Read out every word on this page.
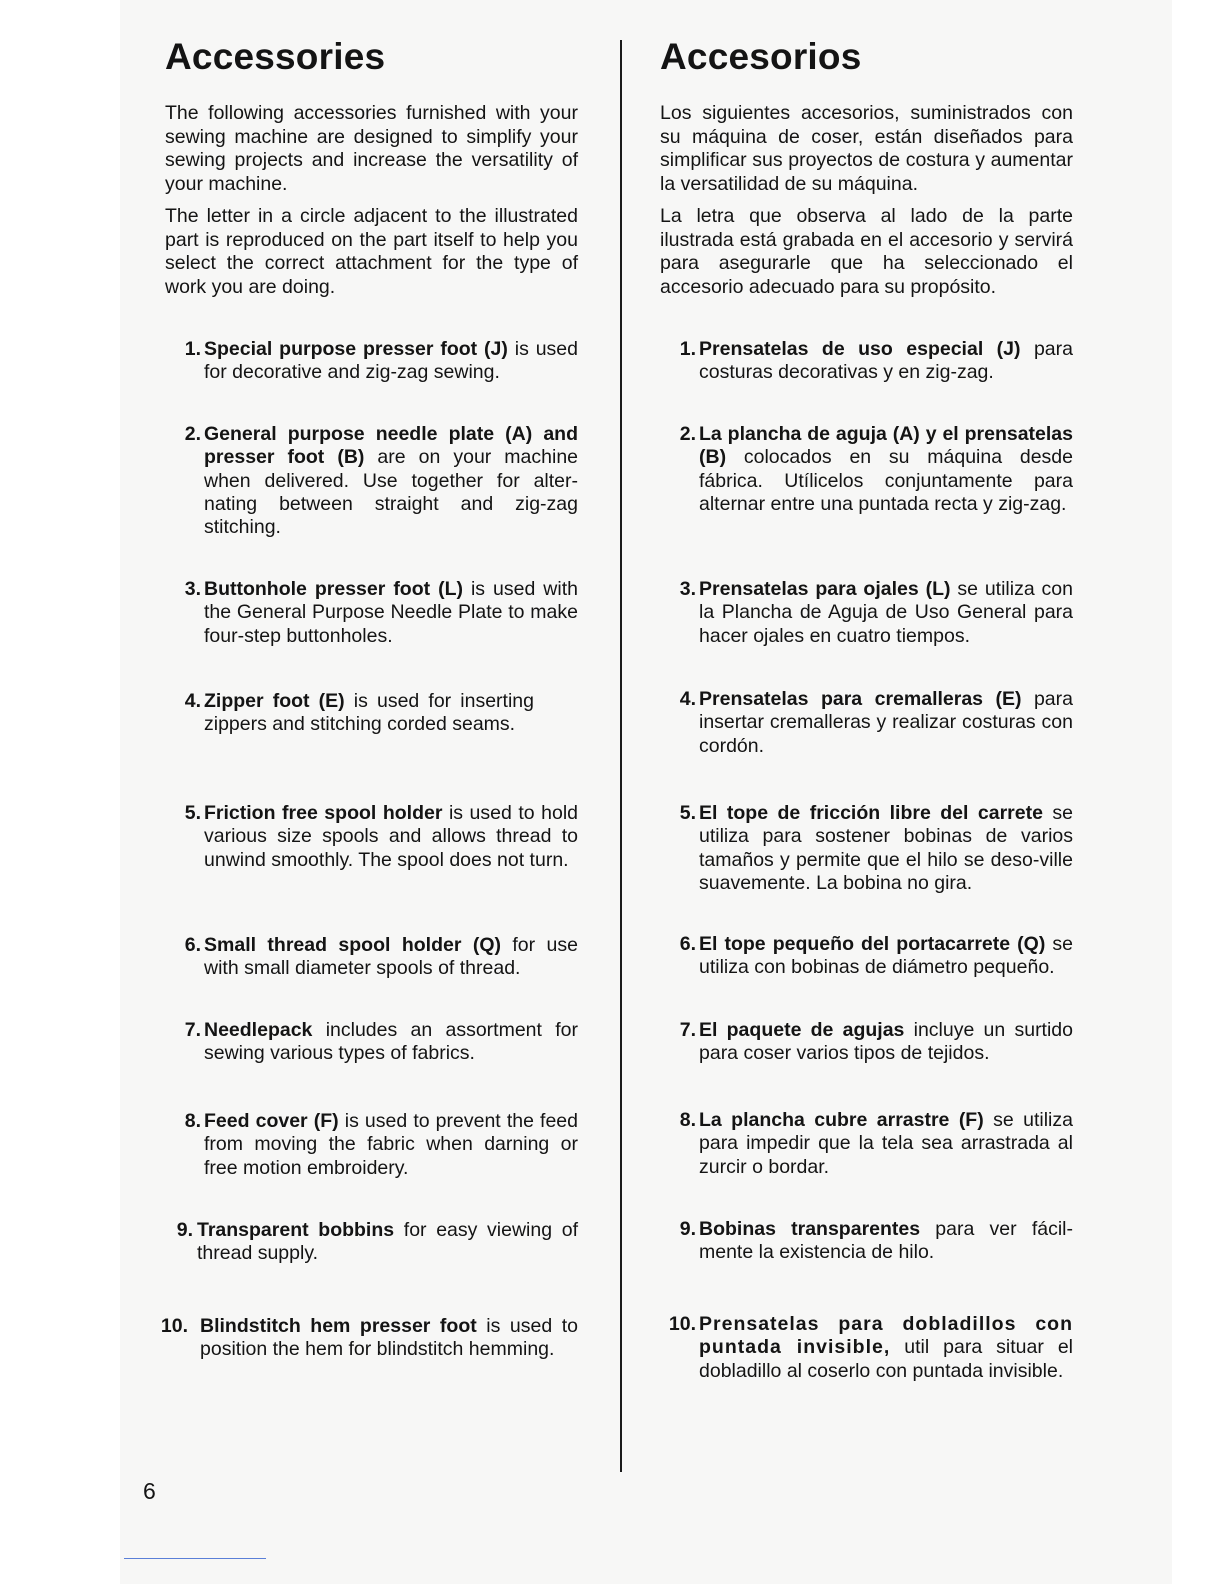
Accessories

The following accessories furnished with your sewing machine are designed to simplify your sewing projects and increase the versatility of your machine.

The letter in a circle adjacent to the illustrated part is reproduced on the part itself to help you select the correct attachment for the type of work you are doing.

1. Special purpose presser foot (J) is used for decorative and zig-zag sewing.
2. General purpose needle plate (A) and presser foot (B) are on your machine when delivered. Use together for alter-nating between straight and zig-zag stitching.
3. Buttonhole presser foot (L) is used with the General Purpose Needle Plate to make four-step buttonholes.
4. Zipper foot (E) is used for inserting zippers and stitching corded seams.
5. Friction free spool holder is used to hold various size spools and allows thread to unwind smoothly. The spool does not turn.
6. Small thread spool holder (Q) for use with small diameter spools of thread.
7. Needlepack includes an assortment for sewing various types of fabrics.
8. Feed cover (F) is used to prevent the feed from moving the fabric when darning or free motion embroidery.
9. Transparent bobbins for easy viewing of thread supply.
10. Blindstitch hem presser foot is used to position the hem for blindstitch hemming.
Accesorios

Los siguientes accesorios, suministrados con su máquina de coser, están diseñados para simplificar sus proyectos de costura y aumentar la versatilidad de su máquina.

La letra que observa al lado de la parte ilustrada está grabada en el accesorio y servirá para asegurarle que ha seleccionado el accesorio adecuado para su propósito.

1. Prensatelas de uso especial (J) para costuras decorativas y en zig-zag.
2. La plancha de aguja (A) y el prensatelas (B) colocados en su máquina desde fábrica. Utílicelos conjuntamente para alternar entre una puntada recta y zig-zag.
3. Prensatelas para ojales (L) se utiliza con la Plancha de Aguja de Uso General para hacer ojales en cuatro tiempos.
4. Prensatelas para cremalleras (E) para insertar cremalleras y realizar costuras con cordón.
5. El tope de fricción libre del carrete se utiliza para sostener bobinas de varios tamaños y permite que el hilo se deso-ville suavemente. La bobina no gira.
6. El tope pequeño del portacarrete (Q) se utiliza con bobinas de diámetro pequeño.
7. El paquete de agujas incluye un surtido para coser varios tipos de tejidos.
8. La plancha cubre arrastre (F) se utiliza para impedir que la tela sea arrastrada al zurcir o bordar.
9. Bobinas transparentes para ver fácil-mente la existencia de hilo.
10. Prensatelas para dobladillos con puntada invisible, util para situar el dobladillo al coserlo con puntada invisible.
6
